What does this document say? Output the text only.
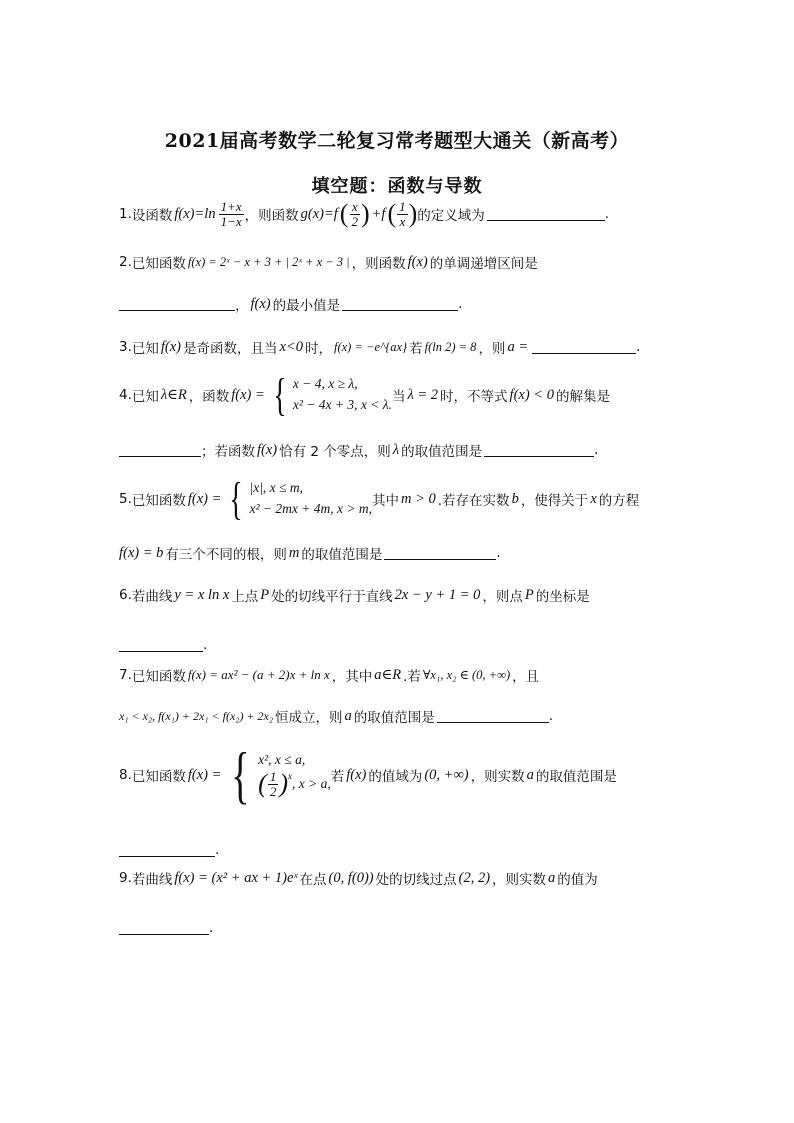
2021届高考数学二轮复习常考题型大通关（新高考）
填空题：函数与导数
1. 设函数 $f(x)=\ln \frac{1+x}{1-x}$ ，则函数 g(x)=f ( $\frac{x}{2}$ ) +f ( $\frac{1}{x}$ ) 的定义域为	.
2. 已知函数 f(x) = 2ˣ − x + 3 + | 2ˣ + x − 3 | ，则函数 f(x) 的单调递增区间是
， f(x) 的最小值是	.
3. 已知 f(x) 是奇函数，且当 x<0 时， f(x) = −e^{ax} 若 f(ln 2) = 8 ，则 a =	.
4. 已知 λ∈R ，函数 f(x) = { x − 4, x ≥ λ,
x² − 4x + 3, x < λ. 当 λ = 2 时，不等式 f(x) < 0 的解集是
；若函数 f(x) 恰有 2 个零点，则 λ 的取值范围是	.
5. 已知函数 f(x) = { |x|, x ≤ m,
x² − 2mx + 4m, x > m, 其中 m > 0 .若存在实数 b ，使得关于 x 的方程
f(x) = b 有三个不同的根，则 m 的取值范围是	.
6. 若曲线 y = x ln x 上点 P 处的切线平行于直线 2x − y + 1 = 0 ，则点 P 的坐标是
.
7. 已知函数 f(x) = ax² − (a + 2)x + ln x ，其中 a∈R .若 ∀x₁, x₂ ∈ (0, +∞) ，且
x₁ < x₂, f(x₁) + 2x₁ < f(x₂) + 2x₂ 恒成立，则 a 的取值范围是	.
8. 已知函数 f(x) = { x², x ≤ a,
( $\frac{1}{2} )^x$ , x > a, 若 f(x) 的值域为 (0, +∞) ，则实数 a 的取值范围是
.
9. 若曲线 f(x) = (x² + ax + 1)eˣ 在点 (0, f(0)) 处的切线过点 (2, 2) ，则实数 a 的值为
.
